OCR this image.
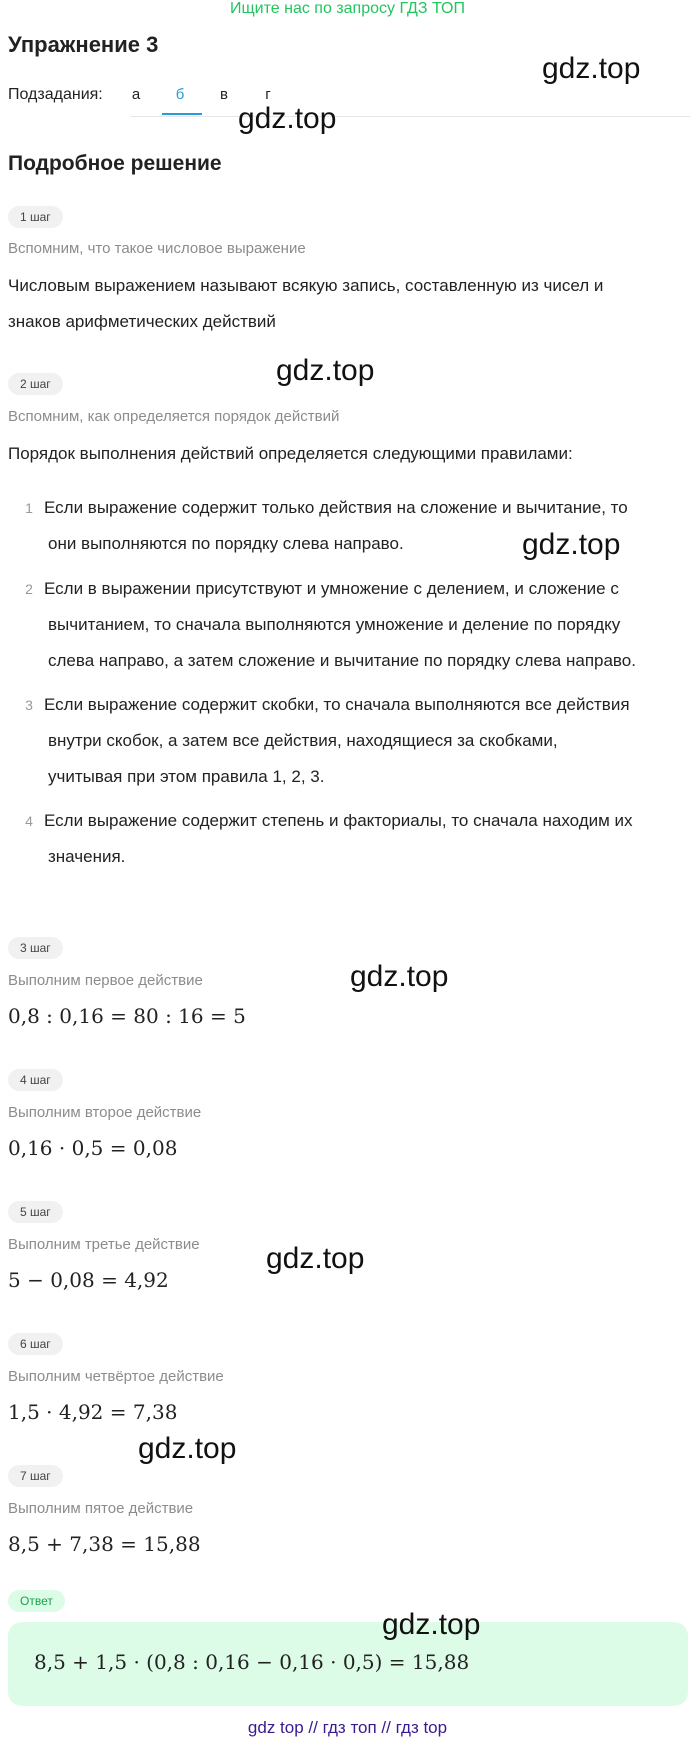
Ищите нас по запросу ГДЗ ТОП
Упражнение 3
Подзадания:	а	б	в	г
Подробное решение
1 шаг
Вспомним, что такое числовое выражение
Числовым выражением называют всякую запись, составленную из чисел и
знаков арифметических действий
2 шаг
Вспомним, как определяется порядок действий
Порядок выполнения действий определяется следующими правилами:
1 Если выражение содержит только действия на сложение и вычитание, то
они выполняются по порядку слева направо.
2 Если в выражении присутствуют и умножение с делением, и сложение с
вычитанием, то сначала выполняются умножение и деление по порядку
слева направо, а затем сложение и вычитание по порядку слева направо.
3 Если выражение содержит скобки, то сначала выполняются все действия
внутри скобок, а затем все действия, находящиеся за скобками,
учитывая при этом правила 1, 2, 3.
4 Если выражение содержит степень и факториалы, то сначала находим их
значения.
3 шаг
Выполним первое действие
0,8 : 0,16 = 80 : 16 = 5
4 шаг
Выполним второе действие
0,16 · 0,5 = 0,08
5 шаг
Выполним третье действие
5 − 0,08 = 4,92
6 шаг
Выполним четвёртое действие
1,5 · 4,92 = 7,38
7 шаг
Выполним пятое действие
8,5 + 7,38 = 15,88
Ответ
8,5 + 1,5 · (0,8 : 0,16 − 0,16 · 0,5) = 15,88
gdz.top
gdz.top
gdz.top
gdz.top
gdz.top
gdz.top
gdz.top
gdz.top
gdz top // гдз топ // гдз top
